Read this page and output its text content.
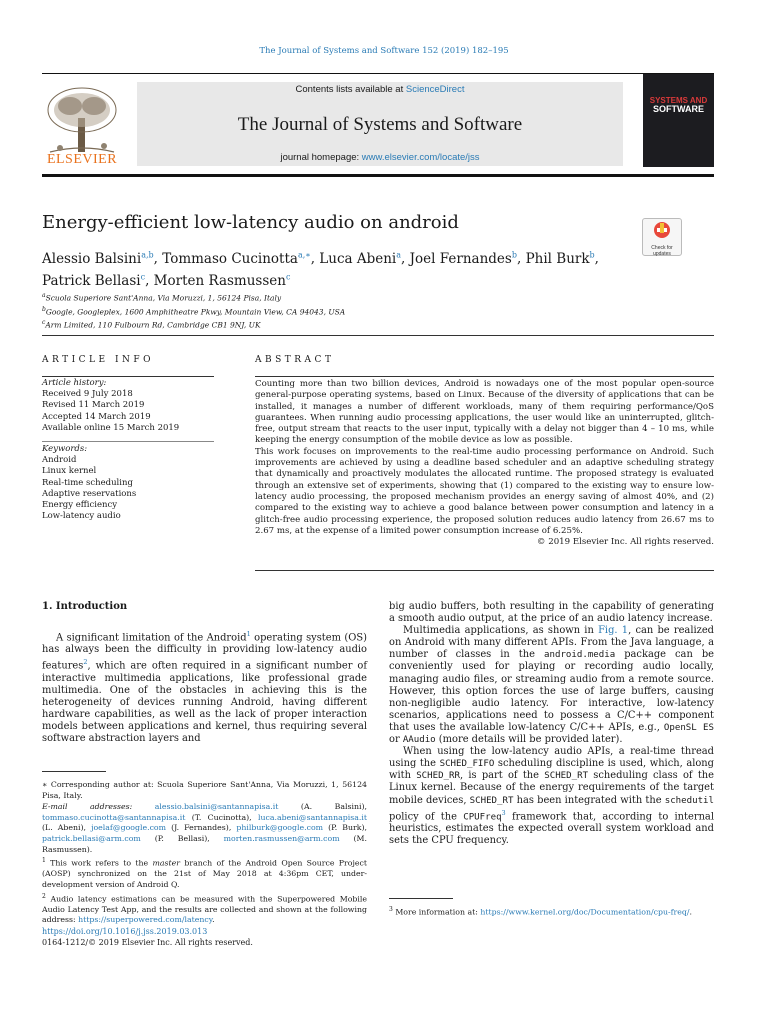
The Journal of Systems and Software 152 (2019) 182–195
ELSEVIER
Contents lists available at ScienceDirect
The Journal of Systems and Software
journal homepage: www.elsevier.com/locate/jss
SYSTEMS AND
SOFTWARE
Energy-efficient low-latency audio on android
Check for
updates
Alessio Balsini$^{a,b}$, Tommaso Cucinotta$^{a,∗}$, Luca Abeni$^a$, Joel Fernandes$^b$, Phil Burk$^b$,
Patrick Bellasi$^c$, Morten Rasmussen$^c$
$^a$Scuola Superiore Sant'Anna, Via Moruzzi, 1, 56124 Pisa, Italy
$^b$Google, Googleplex, 1600 Amphitheatre Pkwy, Mountain View, CA 94043, USA
$^c$Arm Limited, 110 Fulbourn Rd, Cambridge CB1 9NJ, UK
ARTICLE INFO
Article history:
Received 9 July 2018
Revised 11 March 2019
Accepted 14 March 2019
Available online 15 March 2019
Keywords:
Android
Linux kernel
Real-time scheduling
Adaptive reservations
Energy efficiency
Low-latency audio
ABSTRACT

Counting more than two billion devices, Android is nowadays one of the most popular open-source general-purpose operating systems, based on Linux. Because of the diversity of applications that can be installed, it manages a number of different workloads, many of them requiring performance/QoS guarantees. When running audio processing applications, the user would like an uninterrupted, glitch-free, output stream that reacts to the user input, typically with a delay not bigger than 4 – 10 ms, while keeping the energy consumption of the mobile device as low as possible.

This work focuses on improvements to the real-time audio processing performance on Android. Such improvements are achieved by using a deadline based scheduler and an adaptive scheduling strategy that dynamically and proactively modulates the allocated runtime. The proposed strategy is evaluated through an extensive set of experiments, showing that (1) compared to the existing way to ensure low-latency audio processing, the proposed mechanism provides an energy saving of almost 40%, and (2) compared to the existing way to achieve a good balance between power consumption and latency in a glitch-free audio processing experience, the proposed solution reduces audio latency from 26.67 ms to 2.67 ms, at the expense of a limited power consumption increase of 6.25%.

© 2019 Elsevier Inc. All rights reserved.

1. Introduction

A significant limitation of the Android$^1$ operating system (OS) has always been the difficulty in providing low-latency audio features$^2$, which are often required in a significant number of interactive multimedia applications, like professional grade multimedia. One of the obstacles in achieving this is the heterogeneity of devices running Android, having different hardware capabilities, as well as the lack of proper interaction models between applications and kernel, thus requiring several software abstraction layers and

big audio buffers, both resulting in the capability of generating a smooth audio output, at the price of an audio latency increase.

Multimedia applications, as shown in Fig. 1, can be realized on Android with many different APIs. From the Java language, a number of classes in the android.media package can be conveniently used for playing or recording audio locally, managing audio files, or streaming audio from a remote source. However, this option forces the use of large buffers, causing non-negligible audio latency. For interactive, low-latency scenarios, applications need to possess a C/C++ component that uses the available low-latency C/C++ APIs, e.g., OpenSL ES or AAudio (more details will be provided later).

When using the low-latency audio APIs, a real-time thread using the SCHED_FIFO scheduling discipline is used, which, along with SCHED_RR, is part of the SCHED_RT scheduling class of the Linux kernel. Because of the energy requirements of the target mobile devices, SCHED_RT has been integrated with the schedutil policy of the CPUFreq$^3$ framework that, according to internal heuristics, estimates the expected overall system workload and sets the CPU frequency.

∗ Corresponding author at: Scuola Superiore Sant'Anna, Via Moruzzi, 1, 56124 Pisa, Italy.

E-mail addresses:	alessio.balsini@santannapisa.it	(A. Balsini), tommaso.cucinotta@santannapisa.it (T. Cucinotta), luca.abeni@santannapisa.it (L. Abeni), joelaf@google.com (J. Fernandes), philburk@google.com (P. Burk), patrick.bellasi@arm.com (P. Bellasi), morten.rasmussen@arm.com (M. Rasmussen).

$^1$ This work refers to the master branch of the Android Open Source Project (AOSP) synchronized on the 21st of May 2018 at 4:36pm CET, under-development version of Android Q.

$^2$ Audio latency estimations can be measured with the Superpowered Mobile Audio Latency Test App, and the results are collected and shown at the following address: https://superpowered.com/latency.

$^3$ More information at: https://www.kernel.org/doc/Documentation/cpu-freq/.
https://doi.org/10.1016/j.jss.2019.03.013
0164-1212/© 2019 Elsevier Inc. All rights reserved.
